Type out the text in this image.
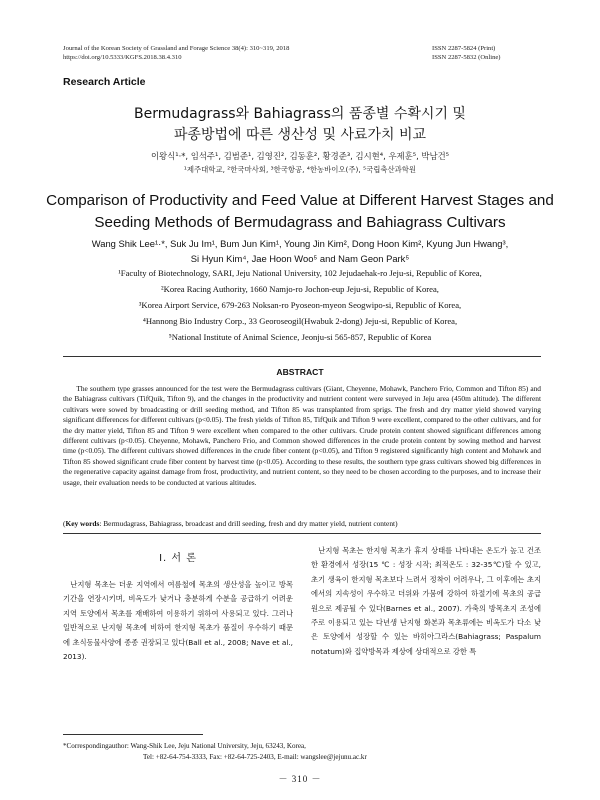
Journal of the Korean Society of Grassland and Forage Science 38(4): 310~319, 2018
https://doi.org/10.5333/KGFS.2018.38.4.310
ISSN 2287-5824 (Print)
ISSN 2287-5832 (Online)
Research Article
Bermudagrass와 Bahiagrass의 품종별 수확시기 및
파종방법에 따른 생산성 및 사료가치 비교
이왕식¹·*, 임석주¹, 김범준¹, 김영진², 김동훈², 황경준³, 김시현⁴, 우제훈⁵, 박남건⁵
¹제주대학교, ²한국마사회, ³한국항공, ⁴한농바이오(주), ⁵국립축산과학원
Comparison of Productivity and Feed Value at Different Harvest Stages and
Seeding Methods of Bermudagrass and Bahiagrass Cultivars
Wang Shik Lee¹·*, Suk Ju Im¹, Bum Jun Kim¹, Young Jin Kim², Dong Hoon Kim², Kyung Jun Hwang³,
Si Hyun Kim⁴, Jae Hoon Woo⁵ and Nam Geon Park⁵
¹Faculty of Biotechnology, SARI, Jeju National University, 102 Jejudaehak-ro Jeju-si, Republic of Korea,
²Korea Racing Authority, 1660 Namjo-ro Jochon-eup Jeju-si, Republic of Korea,
³Korea Airport Service, 679-263 Noksan-ro Pyoseon-myeon Seogwipo-si, Republic of Korea,
⁴Hannong Bio Industry Corp., 33 Georoseogil(Hwabuk 2-dong) Jeju-si, Republic of Korea,
⁵National Institute of Animal Science, Jeonju-si 565-857, Republic of Korea
ABSTRACT

The southern type grasses announced for the test were the Bermudagrass cultivars (Giant, Cheyenne, Mohawk, Panchero Frio, Common and Tifton 85) and the Bahiagrass cultivars (TifQuik, Tifton 9), and the changes in the productivity and nutrient content were surveyed in Jeju area (450m altitude). The different cultivars were sowed by broadcasting or drill seeding method, and Tifton 85 was transplanted from sprigs. The fresh and dry matter yield showed varying significant differences for different cultivars (p<0.05). The fresh yields of Tifton 85, TifQuik and Tifton 9 were excellent, compared to the other cultivars, and for the dry matter yield, Tifton 85 and Tifton 9 were excellent when compared to the other cultivars. Crude protein content showed significant differences among different cultivars (p<0.05). Cheyenne, Mohawk, Panchero Frio, and Common showed differences in the crude protein content by sowing method and harvest time (p<0.05). The different cultivars showed differences in the crude fiber content (p<0.05), and Tifton 9 registered significantly high content and Mohawk and Tifton 85 showed significant crude fiber content by harvest time (p<0.05). According to these results, the southern type grass cultivars showed big differences in the regenerative capacity against damage from frost, productivity, and nutrient content, so they need to be chosen according to the purposes, and to increase their usage, their evaluation needs to be conducted at various altitudes.

(Key words: Bermudagrass, Bahiagrass, broadcast and drill seeding, fresh and dry matter yield, nutrient content)

Ⅰ. 서 론

난지형 목초는 더운 지역에서 여름철에 목초의 생산성을 높이고 방목기간을 연장시키며, 비옥도가 낮거나 충분하게 수분을 공급하기 어려운 지역 토양에서 목초를 재배하여 이용하기 위하여 사용되고 있다. 그러나 일반적으로 난지형 목초에 비하여 한지형 목초가 품질이 우수하기 때문에 초식동물사양에 종종 권장되고 있다(Ball et al., 2008; Nave et al., 2013).

난지형 목초는 한지형 목초가 휴지 상태를 나타내는 온도가 높고 건조한 환경에서 성장(15 ℃ : 성장 시작; 최적온도 : 32-35℃)할 수 있고, 초기 생육이 한지형 목초보다 느려서 정착이 어려우나, 그 이후에는 초지에서의 지속성이 우수하고 더위와 가뭄에 강하여 하절기에 목초의 공급원으로 제공될 수 있다(Barnes et al., 2007). 가축의 방목초지 조성에 주로 이용되고 있는 다년생 난지형 화본과 목초류에는 비옥도가 다소 낮은 토양에서 성장할 수 있는 바히아그라스(Bahiagrass; Paspalum notatum)와 집약방목과 제상에 상대적으로 강한 특

*Correspondingauthor: Wang-Shik Lee, Jeju National University, Jeju, 63243, Korea,
Tel: +82-64-754-3333, Fax: +82-64-725-2403, E-mail: wangslee@jejunu.ac.kr
－ 310 －
